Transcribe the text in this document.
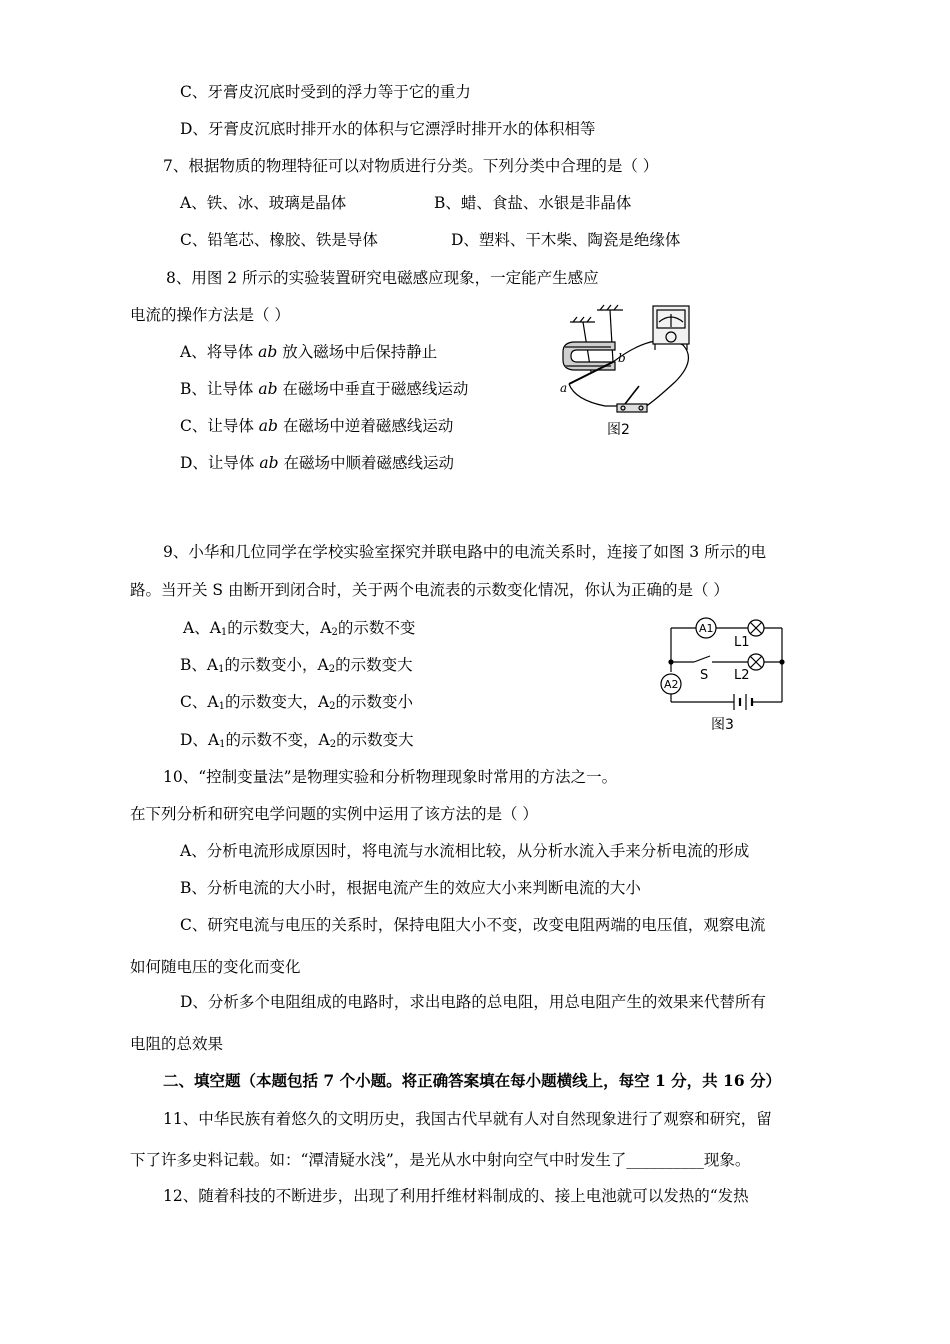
C、牙膏皮沉底时受到的浮力等于它的重力
D、牙膏皮沉底时排开水的体积与它漂浮时排开水的体积相等
7、根据物质的物理特征可以对物质进行分类。下列分类中合理的是（ ）
A、铁、冰、玻璃是晶体	B、蜡、食盐、水银是非晶体
C、铅笔芯、橡胶、铁是导体	D、塑料、干木柴、陶瓷是绝缘体
8、用图 2 所示的实验装置研究电磁感应现象，一定能产生感应
电流的操作方法是（ ）
A、将导体 ab 放入磁场中后保持静止
B、让导体 ab 在磁场中垂直于磁感线运动
C、让导体 ab 在磁场中逆着磁感线运动
D、让导体 ab 在磁场中顺着磁感线运动
a
b
图2
9、小华和几位同学在学校实验室探究并联电路中的电流关系时，连接了如图 3 所示的电
路。当开关 S 由断开到闭合时，关于两个电流表的示数变化情况，你认为正确的是（ ）
A、$A_1$的示数变大，$A_2$的示数不变
B、$A_1$的示数变小，$A_2$的示数变大
C、$A_1$的示数变大，$A_2$的示数变小
D、$A_1$的示数不变，$A_2$的示数变大
A1
A2
L1
L2
S
图3
10、“控制变量法”是物理实验和分析物理现象时常用的方法之一。
在下列分析和研究电学问题的实例中运用了该方法的是（ ）
A、分析电流形成原因时，将电流与水流相比较，从分析水流入手来分析电流的形成
B、分析电流的大小时，根据电流产生的效应大小来判断电流的大小
C、研究电流与电压的关系时，保持电阻大小不变，改变电阻两端的电压值，观察电流
如何随电压的变化而变化
D、分析多个电阻组成的电路时，求出电路的总电阻，用总电阻产生的效果来代替所有
电阻的总效果
二、填空题（本题包括 7 个小题。将正确答案填在每小题横线上，每空 1 分，共 16 分）
11、中华民族有着悠久的文明历史，我国古代早就有人对自然现象进行了观察和研究，留
下了许多史料记载。如：“潭清疑水浅”，是光从水中射向空气中时发生了__________现象。
12、随着科技的不断进步，出现了利用扦维材料制成的、接上电池就可以发热的“发热
